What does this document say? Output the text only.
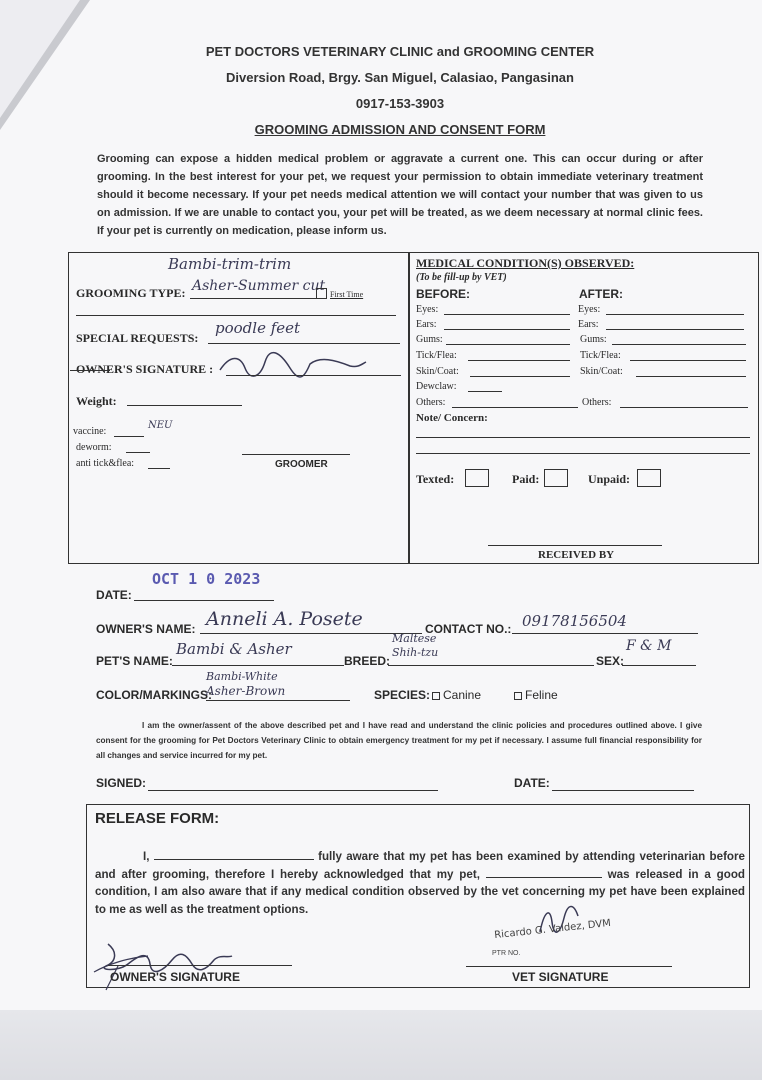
PET DOCTORS VETERINARY CLINIC and GROOMING CENTER
Diversion Road, Brgy. San Miguel, Calasiao, Pangasinan
0917-153-3903
GROOMING ADMISSION AND CONSENT FORM
Grooming can expose a hidden medical problem or aggravate a current one. This can occur during or after grooming. In the best interest for your pet, we request your permission to obtain immediate veterinary treatment should it become necessary. If your pet needs medical attention we will contact your number that was given to us on admission. If we are unable to contact you, your pet will be treated, as we deem necessary at normal clinic fees. If your pet is currently on medication, please inform us.
Bambi-trim-trim
GROOMING TYPE: Asher-Summer cut
First Time
SPECIAL REQUESTS:
poodle feet
OWNER'S SIGNATURE :
Weight:
vaccine:
NEU
deworm:
anti tick&flea:	GROOMER
MEDICAL CONDITION(S) OBSERVED:
(To be fill-up by VET)
BEFORE:	AFTER:
Eyes:	Eyes:
Ears:	Ears:
Gums:	Gums:
Tick/Flea:	Tick/Flea:
Skin/Coat:	Skin/Coat:
Dewclaw:
Others:	Others:
Note/ Concern:
Texted:	Paid:	Unpaid:
RECEIVED BY
DATE:
OCT 1 0 2023
OWNER'S NAME: Anneli A. Posete	CONTACT NO.: 09178156504
PET'S NAME:
Bambi & Asher
BREED:
Maltese
Shih-tzu
SEX:
F & M
COLOR/MARKINGS:
Bambi-White
Asher-Brown	SPECIES:	Canine	Feline
I am the owner/assent of the above described pet and I have read and understand the clinic policies and procedures outlined above. I give consent for the grooming for Pet Doctors Veterinary Clinic to obtain emergency treatment for my pet if necessary. I assume full financial responsibility for all changes and service incurred for my pet.
SIGNED:	DATE:
RELEASE FORM:
I,	fully aware that my pet has been examined by attending veterinarian before and after grooming, therefore I hereby acknowledged that my pet,	was released in a good condition, I am also aware that if any medical condition observed by the vet concerning my pet have been explained to me as well as the treatment options.
OWNER'S SIGNATURE
Ricardo G. Valdez, DVM
PTR NO.
VET SIGNATURE
